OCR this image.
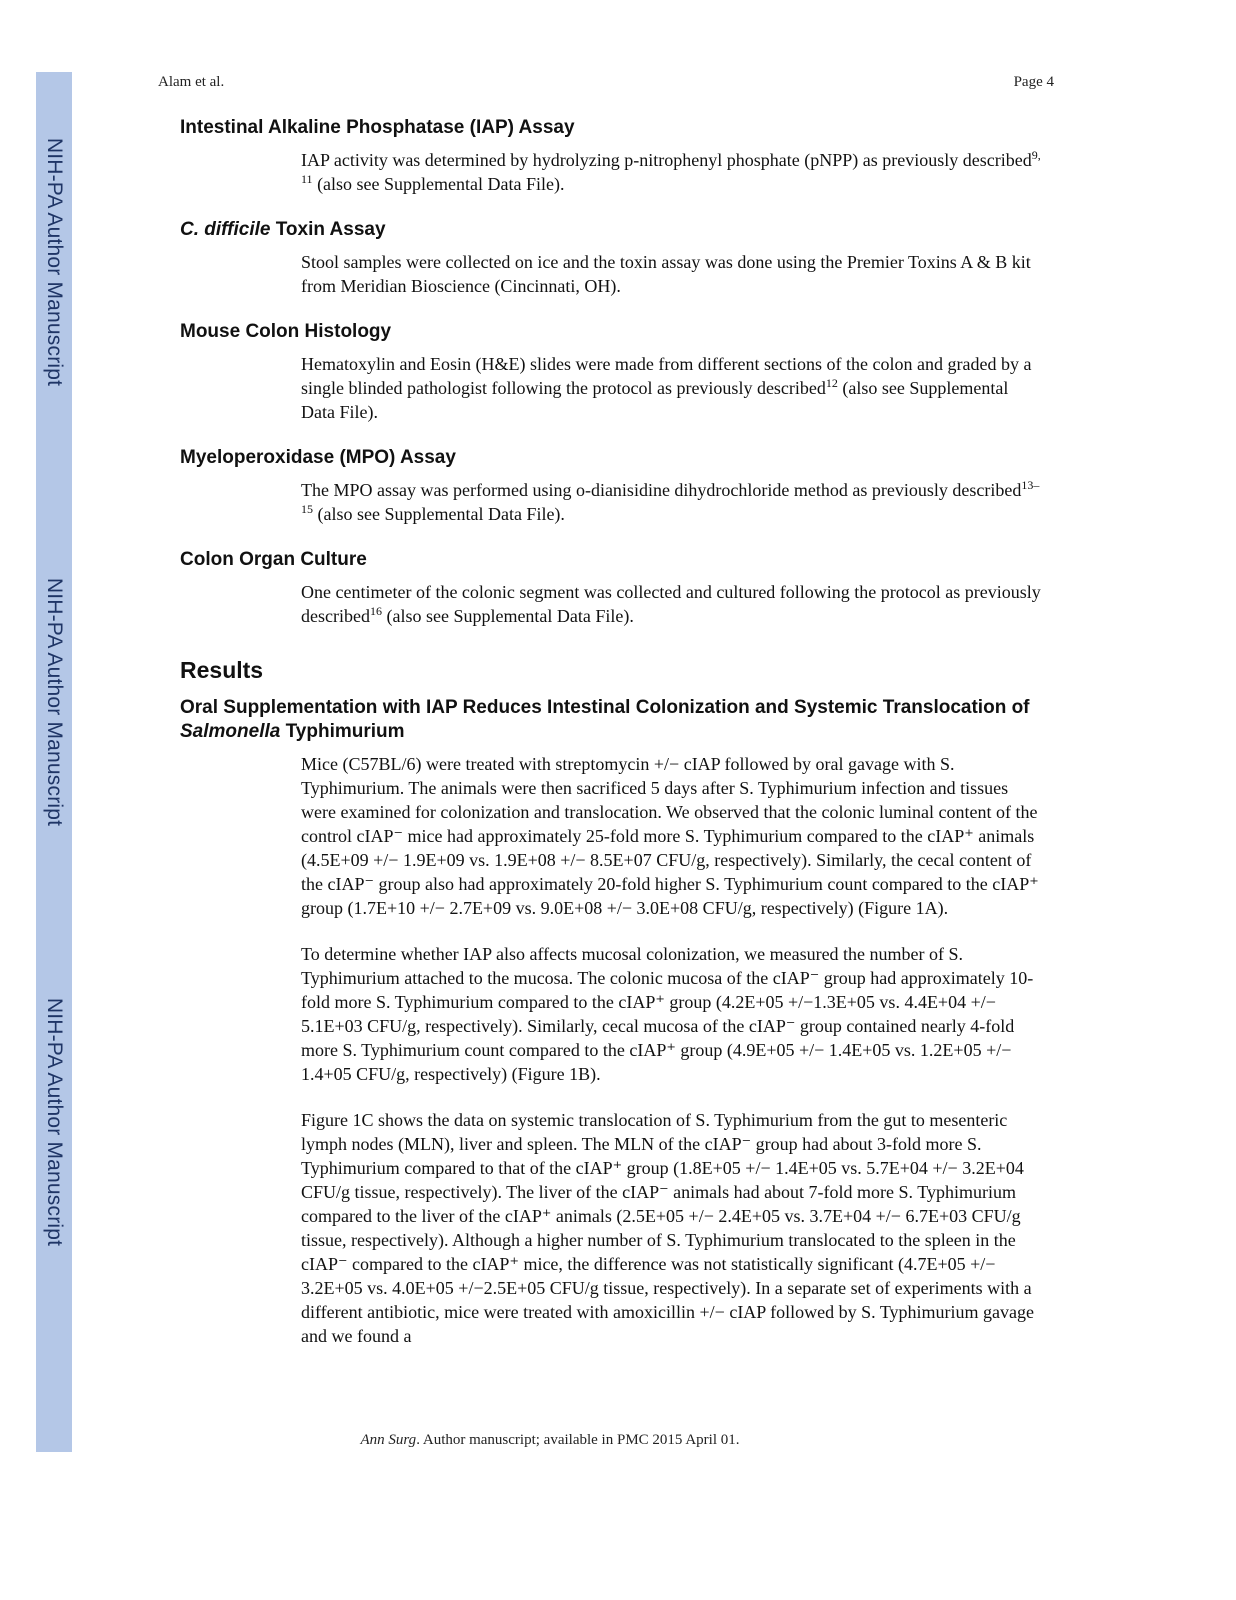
NIH-PA Author Manuscript
NIH-PA Author Manuscript
NIH-PA Author Manuscript
Alam et al.	Page 4
Intestinal Alkaline Phosphatase (IAP) Assay

IAP activity was determined by hydrolyzing p-nitrophenyl phosphate (pNPP) as previously described$^{9, 11}$ (also see Supplemental Data File).

C. difficile Toxin Assay

Stool samples were collected on ice and the toxin assay was done using the Premier Toxins A & B kit from Meridian Bioscience (Cincinnati, OH).

Mouse Colon Histology

Hematoxylin and Eosin (H&E) slides were made from different sections of the colon and graded by a single blinded pathologist following the protocol as previously described$^{12}$ (also see Supplemental Data File).

Myeloperoxidase (MPO) Assay

The MPO assay was performed using o-dianisidine dihydrochloride method as previously described$^{13-15}$ (also see Supplemental Data File).

Colon Organ Culture

One centimeter of the colonic segment was collected and cultured following the protocol as previously described$^{16}$ (also see Supplemental Data File).

Results
Oral Supplementation with IAP Reduces Intestinal Colonization and Systemic Translocation of Salmonella Typhimurium

Mice (C57BL/6) were treated with streptomycin +/− cIAP followed by oral gavage with S. Typhimurium. The animals were then sacrificed 5 days after S. Typhimurium infection and tissues were examined for colonization and translocation. We observed that the colonic luminal content of the control cIAP⁻ mice had approximately 25-fold more S. Typhimurium compared to the cIAP⁺ animals (4.5E+09 +/− 1.9E+09 vs. 1.9E+08 +/− 8.5E+07 CFU/g, respectively). Similarly, the cecal content of the cIAP⁻ group also had approximately 20-fold higher S. Typhimurium count compared to the cIAP⁺ group (1.7E+10 +/− 2.7E+09 vs. 9.0E+08 +/− 3.0E+08 CFU/g, respectively) (Figure 1A).

To determine whether IAP also affects mucosal colonization, we measured the number of S. Typhimurium attached to the mucosa. The colonic mucosa of the cIAP⁻ group had approximately 10-fold more S. Typhimurium compared to the cIAP⁺ group (4.2E+05 +/−1.3E+05 vs. 4.4E+04 +/− 5.1E+03 CFU/g, respectively). Similarly, cecal mucosa of the cIAP⁻ group contained nearly 4-fold more S. Typhimurium count compared to the cIAP⁺ group (4.9E+05 +/− 1.4E+05 vs. 1.2E+05 +/− 1.4+05 CFU/g, respectively) (Figure 1B).

Figure 1C shows the data on systemic translocation of S. Typhimurium from the gut to mesenteric lymph nodes (MLN), liver and spleen. The MLN of the cIAP⁻ group had about 3-fold more S. Typhimurium compared to that of the cIAP⁺ group (1.8E+05 +/− 1.4E+05 vs. 5.7E+04 +/− 3.2E+04 CFU/g tissue, respectively). The liver of the cIAP⁻ animals had about 7-fold more S. Typhimurium compared to the liver of the cIAP⁺ animals (2.5E+05 +/− 2.4E+05 vs. 3.7E+04 +/− 6.7E+03 CFU/g tissue, respectively). Although a higher number of S. Typhimurium translocated to the spleen in the cIAP⁻ compared to the cIAP⁺ mice, the difference was not statistically significant (4.7E+05 +/− 3.2E+05 vs. 4.0E+05 +/−2.5E+05 CFU/g tissue, respectively). In a separate set of experiments with a different antibiotic, mice were treated with amoxicillin +/− cIAP followed by S. Typhimurium gavage and we found a

Ann Surg. Author manuscript; available in PMC 2015 April 01.
